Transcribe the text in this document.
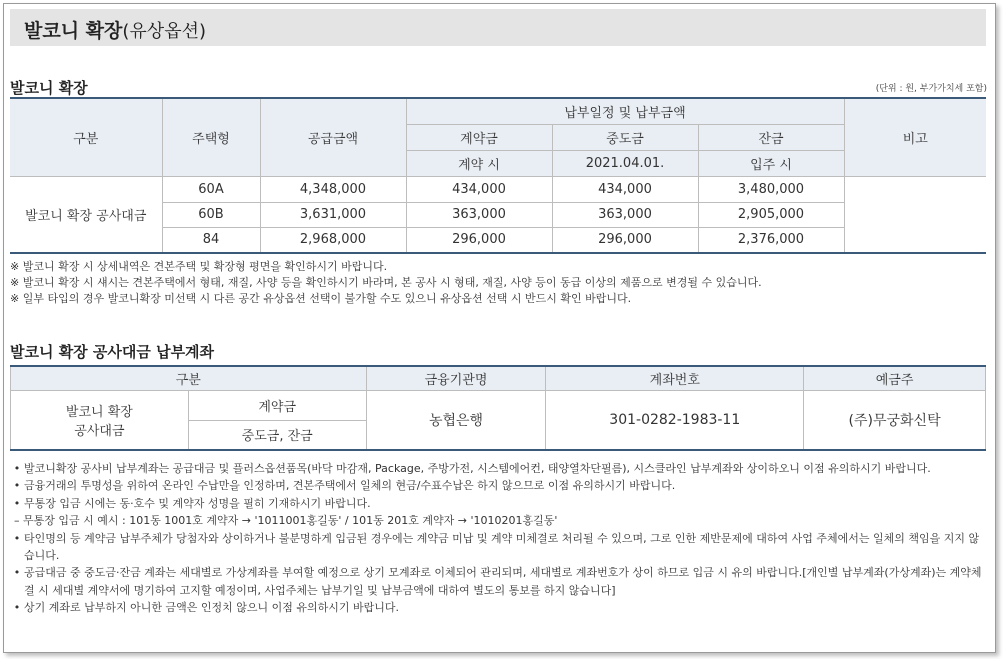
발코니 확장(유상옵션)
발코니 확장	(단위 : 원, 부가가치세 포함)
구분	주택형	공급금액	납부일정 및 납부금액			비고
			계약금	중도금	잔금	
			계약 시	2021.04.01.	입주 시	
발코니 확장 공사대금	60A	4,348,000	434,000	434,000	3,480,000	
	60B	3,631,000	363,000	363,000	2,905,000	
	84	2,968,000	296,000	296,000	2,376,000	
※ 발코니 확장 시 상세내역은 견본주택 및 확장형 평면을 확인하시기 바랍니다.
※ 발코니 확장 시 섀시는 견본주택에서 형태, 재질, 사양 등을 확인하시기 바라며, 본 공사 시 형태, 재질, 사양 등이 동급 이상의 제품으로 변경될 수 있습니다.
※ 일부 타입의 경우 발코니확장 미선택 시 다른 공간 유상옵션 선택이 불가할 수도 있으니 유상옵션 선택 시 반드시 확인 바랍니다.
발코니 확장 공사대금 납부계좌
구분		금융기관명	계좌번호	예금주

발코니 확장
공사대금	계약금	농협은행	301-0282-1983-11	(주)무궁화신탁
	중도금, 잔금			
• 발코니확장 공사비 납부계좌는 공급대금 및 플러스옵션품목(바닥 마감재, Package, 주방가전, 시스템에어컨, 태양열차단필름), 시스클라인 납부계좌와 상이하오니 이점 유의하시기 바랍니다.
• 금융거래의 투명성을 위하여 온라인 수납만을 인정하며, 견본주택에서 일체의 현금/수표수납은 하지 않으므로 이점 유의하시기 바랍니다.
• 무통장 입금 시에는 동·호수 및 계약자 성명을 필히 기재하시기 바랍니다.
– 무통장 입금 시 예시 : 101동 1001호 계약자 → '1011001홍길동' / 101동 201호 계약자 → '1010201홍길동'
• 타인명의 등 계약금 납부주체가 당첨자와 상이하거나 불분명하게 입금된 경우에는 계약금 미납 및 계약 미체결로 처리될 수 있으며, 그로 인한 제반문제에 대하여 사업 주체에서는 일체의 책임을 지지 않습니다.
• 공급대금 중 중도금·잔금 계좌는 세대별로 가상계좌를 부여할 예정으로 상기 모계좌로 이체되어 관리되며, 세대별로 계좌번호가 상이 하므로 입금 시 유의 바랍니다.[개인별 납부계좌(가상계좌)는 계약체결 시 세대별 계약서에 명기하여 고지할 예정이며, 사업주체는 납부기일 및 납부금액에 대하여 별도의 통보를 하지 않습니다]
• 상기 계좌로 납부하지 아니한 금액은 인정치 않으니 이점 유의하시기 바랍니다.
